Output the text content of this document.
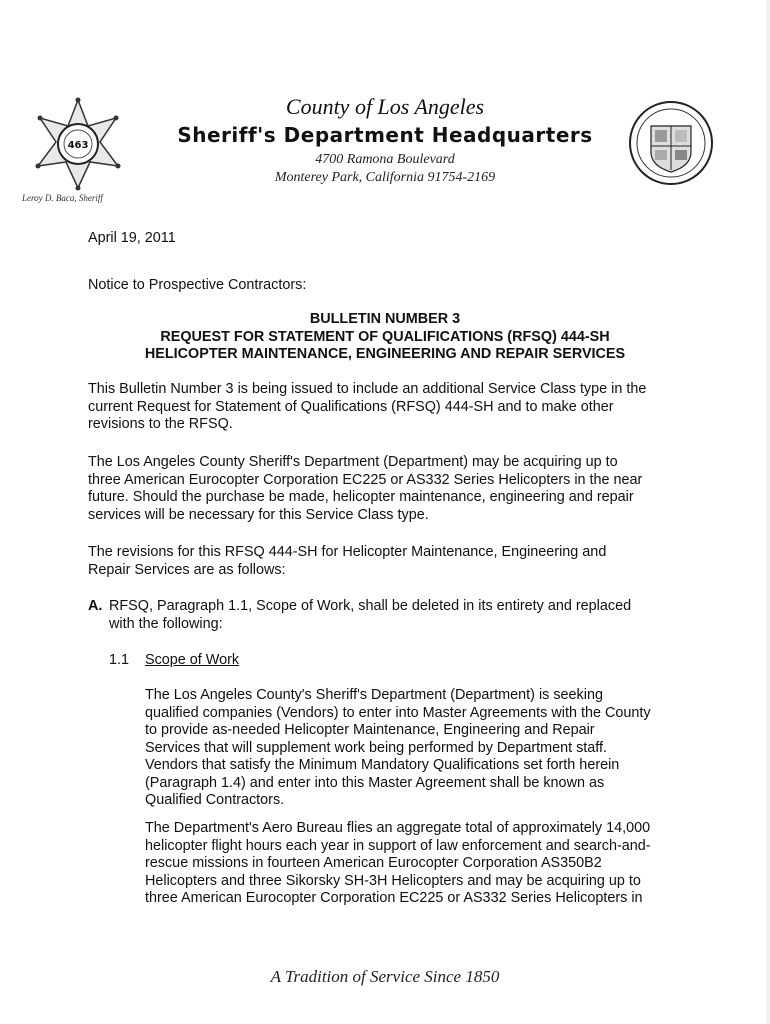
463
County of Los Angeles
Sheriff's Department Headquarters
4700 Ramona Boulevard
Monterey Park, California 91754-2169
Leroy D. Baca, Sheriff
April 19, 2011
Notice to Prospective Contractors:
BULLETIN NUMBER 3
REQUEST FOR STATEMENT OF QUALIFICATIONS (RFSQ) 444-SH
HELICOPTER MAINTENANCE, ENGINEERING AND REPAIR SERVICES
This Bulletin Number 3 is being issued to include an additional Service Class type in the
current Request for Statement of Qualifications (RFSQ) 444-SH and to make other
revisions to the RFSQ.
The Los Angeles County Sheriff's Department (Department) may be acquiring up to
three American Eurocopter Corporation EC225 or AS332 Series Helicopters in the near
future. Should the purchase be made, helicopter maintenance, engineering and repair
services will be necessary for this Service Class type.
The revisions for this RFSQ 444-SH for Helicopter Maintenance, Engineering and
Repair Services are as follows:
A. RFSQ, Paragraph 1.1, Scope of Work, shall be deleted in its entirety and replaced
with the following:
1.1 Scope of Work
The Los Angeles County's Sheriff's Department (Department) is seeking
qualified companies (Vendors) to enter into Master Agreements with the County
to provide as-needed Helicopter Maintenance, Engineering and Repair
Services that will supplement work being performed by Department staff.
Vendors that satisfy the Minimum Mandatory Qualifications set forth herein
(Paragraph 1.4) and enter into this Master Agreement shall be known as
Qualified Contractors.
The Department's Aero Bureau flies an aggregate total of approximately 14,000
helicopter flight hours each year in support of law enforcement and search-and-
rescue missions in fourteen American Eurocopter Corporation AS350B2
Helicopters and three Sikorsky SH-3H Helicopters and may be acquiring up to
three American Eurocopter Corporation EC225 or AS332 Series Helicopters in
A Tradition of Service Since 1850
